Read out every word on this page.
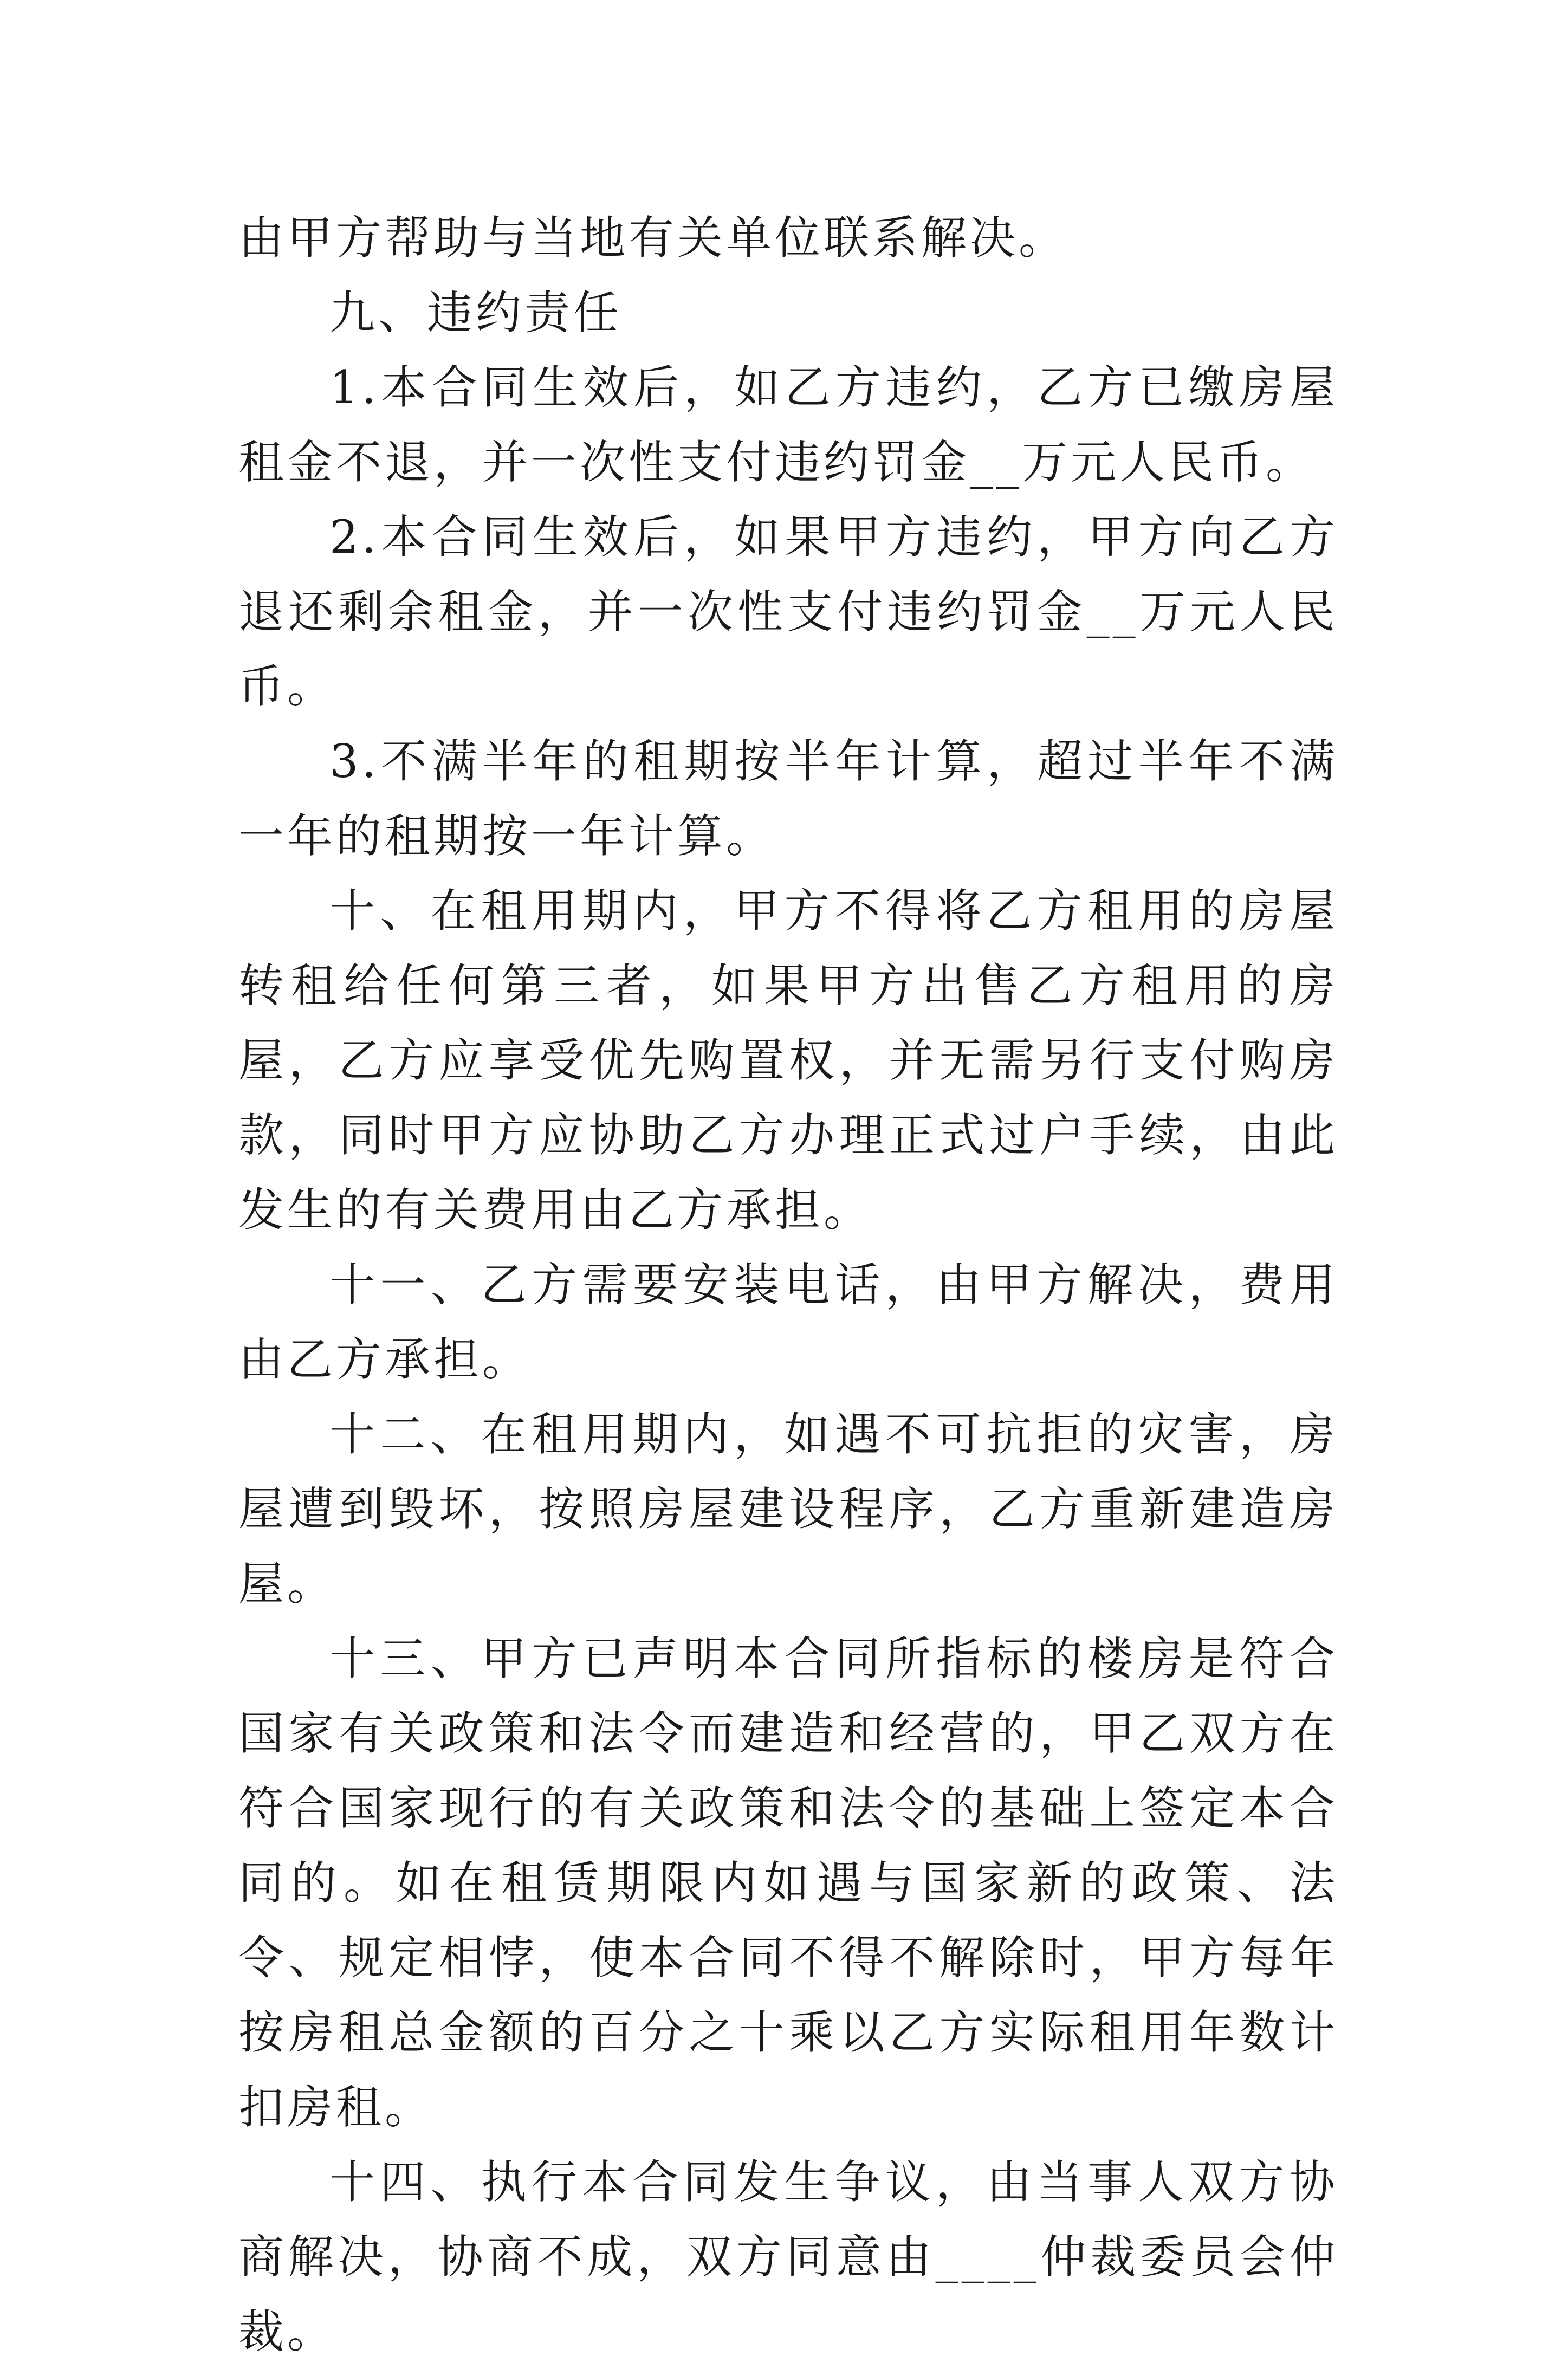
由甲方帮助与当地有关单位联系解决。

九、违约责任

1.本合同生效后，如乙方违约，乙方已缴房屋租金不退，并一次性支付违约罚金__万元人民币。

2.本合同生效后，如果甲方违约，甲方向乙方退还剩余租金，并一次性支付违约罚金__万元人民币。

3.不满半年的租期按半年计算，超过半年不满一年的租期按一年计算。

十、在租用期内，甲方不得将乙方租用的房屋转租给任何第三者，如果甲方出售乙方租用的房屋，乙方应享受优先购置权，并无需另行支付购房款，同时甲方应协助乙方办理正式过户手续，由此发生的有关费用由乙方承担。

十一、乙方需要安装电话，由甲方解决，费用由乙方承担。

十二、在租用期内，如遇不可抗拒的灾害，房屋遭到毁坏，按照房屋建设程序，乙方重新建造房屋。

十三、甲方已声明本合同所指标的楼房是符合国家有关政策和法令而建造和经营的，甲乙双方在符合国家现行的有关政策和法令的基础上签定本合同的。如在租赁期限内如遇与国家新的政策、法令、规定相悖，使本合同不得不解除时，甲方每年按房租总金额的百分之十乘以乙方实际租用年数计扣房租。

十四、执行本合同发生争议，由当事人双方协商解决，协商不成，双方同意由____仲裁委员会仲裁。
